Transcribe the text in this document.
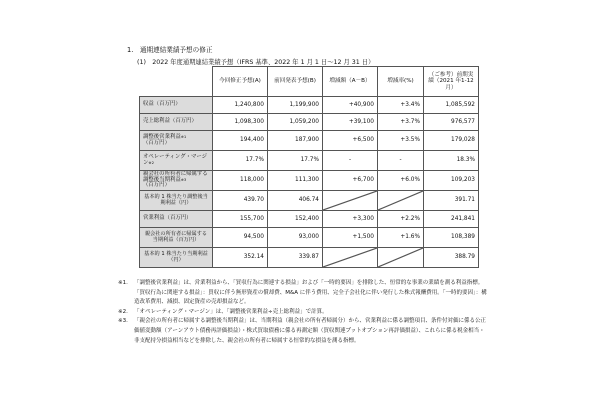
1.　通期連結業績予想の修正

(1)　2022 年度通期連結業績予想（IFRS 基準、2022 年 1 月 1 日～12 月 31 日）

	今回修正予想(A)	前回発表予想(B)	増減額（A－B）	増減率(%)	（ご参考）前期実績（2021 年1-12 月）
収益（百万円）	1,240,800	1,199,900	+40,900	+3.4%	1,085,592
売上総利益（百万円）	1,098,300	1,059,200	+39,100	+3.7%	976,577
調整後営業利益$^{※1}$
（百万円）	194,400	187,900	+6,500	+3.5%	179,028
オペレーティング・マージン$^{※2}$	17.7%	17.7%	-	-	18.3%
親会社の所有者に帰属する調整後当期利益$^{※3}$
（百万円）	118,000	111,300	+6,700	+6.0%	109,203
基本的 1 株当たり調整後当期利益（円）	439.70	406.74			391.71
営業利益（百万円）	155,700	152,400	+3,300	+2.2%	241,841
親会社の所有者に帰属する当期利益（百万円）	94,500	93,000	+1,500	+1.6%	108,389
基本的 1 株当たり当期利益（円）	352.14	339.87			388.79
※1.	「調整後営業利益」は、営業利益から、「買収行為に関連する損益」および「一時的要因」を排除した、恒常的な事業の業績を測る利益指標。「買収行為に関連する損益」：買収に伴う無形資産の償却費、M&A に伴う費用、完全子会社化に伴い発行した株式報酬費用。「一時的要因」：構造改革費用、減損、固定資産の売却損益など。
※2.	「オペレーティング・マージン」は、「調整後営業利益÷売上総利益」で計算。
※3.	「親会社の所有者に帰属する調整後当期利益」は、当期利益（親会社の所有者帰属分）から、営業利益に係る調整項目、条件付対価に係る公正価値変動額（アーンアウト債務再評価損益）・株式買取債務に係る再測定額（買収関連プットオプション再評価損益）、これらに係る税金相当・非支配持分損益相当などを排除した、親会社の所有者に帰属する恒常的な損益を測る指標。
